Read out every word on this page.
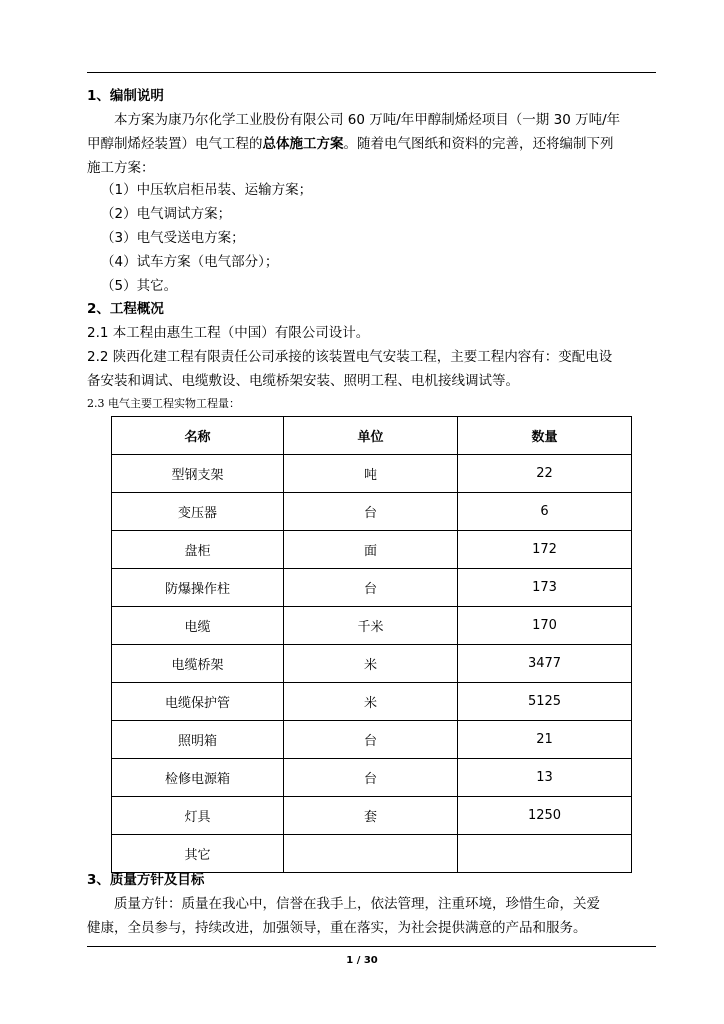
1、编制说明
本方案为康乃尔化学工业股份有限公司 60 万吨/年甲醇制烯烃项目（一期 30 万吨/年
甲醇制烯烃装置）电气工程的总体施工方案。随着电气图纸和资料的完善，还将编制下列
施工方案：
（1）中压软启柜吊装、运输方案；
（2）电气调试方案；
（3）电气受送电方案；
（4）试车方案（电气部分）；
（5）其它。
2、工程概况
2.1 本工程由惠生工程（中国）有限公司设计。
2.2 陕西化建工程有限责任公司承接的该装置电气安装工程，主要工程内容有：变配电设
备安装和调试、电缆敷设、电缆桥架安装、照明工程、电机接线调试等。
2.3 电气主要工程实物工程量：
名称	单位	数量
型钢支架	吨	22
变压器	台	6
盘柜	面	172
防爆操作柱	台	173
电缆	千米	170
电缆桥架	米	3477
电缆保护管	米	5125
照明箱	台	21
检修电源箱	台	13
灯具	套	1250
其它		
3、质量方针及目标
质量方针：质量在我心中，信誉在我手上，依法管理，注重环境，珍惜生命，关爱
健康，全员参与，持续改进，加强领导，重在落实，为社会提供满意的产品和服务。
1 / 30
